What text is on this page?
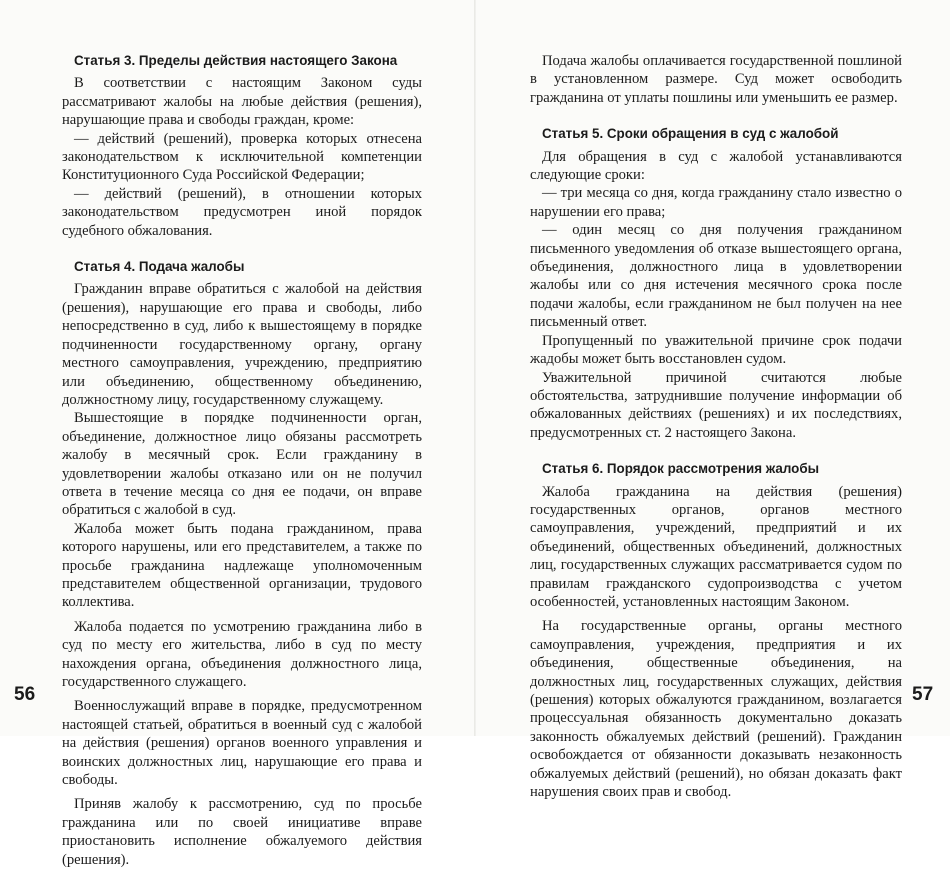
Статья 3. Пределы действия настоящего Закона

В соответствии с настоящим Законом суды рассматривают жалобы на любые действия (решения), нарушающие права и свободы граждан, кроме:

— действий (решений), проверка которых отнесена законодательством к исключительной компетенции Конституционного Суда Российской Федерации;

— действий (решений), в отношении которых законодательством предусмотрен иной порядок судебного обжалования.

Статья 4. Подача жалобы

Гражданин вправе обратиться с жалобой на действия (решения), нарушающие его права и свободы, либо непосредственно в суд, либо к вышестоящему в порядке подчиненности государственному органу, органу местного самоуправления, учреждению, предприятию или объединению, общественному объединению, должностному лицу, государственному служащему.

Вышестоящие в порядке подчиненности орган, объединение, должностное лицо обязаны рассмотреть жалобу в месячный срок. Если гражданину в удовлетворении жалобы отказано или он не получил ответа в течение месяца со дня ее подачи, он вправе обратиться с жалобой в суд.

Жалоба может быть подана гражданином, права которого нарушены, или его представителем, а также по просьбе гражданина надлежаще уполномоченным представителем общественной организации, трудового коллектива.

Жалоба подается по усмотрению гражданина либо в суд по месту его жительства, либо в суд по месту нахождения органа, объединения должностного лица, государственного служащего.

Военнослужащий вправе в порядке, предусмотренном настоящей статьей, обратиться в военный суд с жалобой на действия (решения) органов военного управления и воинских должностных лиц, нарушающие его права и свободы.

Приняв жалобу к рассмотрению, суд по просьбе гражданина или по своей инициативе вправе приостановить исполнение обжалуемого действия (решения).

Подача жалобы оплачивается государственной пошлиной в установленном размере. Суд может освободить гражданина от уплаты пошлины или уменьшить ее размер.

Статья 5. Сроки обращения в суд с жалобой

Для обращения в суд с жалобой устанавливаются следующие сроки:

— три месяца со дня, когда гражданину стало известно о нарушении его права;

— один месяц со дня получения гражданином письменного уведомления об отказе вышестоящего органа, объединения, должностного лица в удовлетворении жалобы или со дня истечения месячного срока после подачи жалобы, если гражданином не был получен на нее письменный ответ.

Пропущенный по уважительной причине срок подачи жадобы может быть восстановлен судом.

Уважительной причиной считаются любые обстоятельства, затруднившие получение информации об обжалованных действиях (решениях) и их последствиях, предусмотренных ст. 2 настоящего Закона.

Статья 6. Порядок рассмотрения жалобы

Жалоба гражданина на действия (решения) государственных органов, органов местного самоуправления, учреждений, предприятий и их объединений, общественных объединений, должностных лиц, государственных служащих рассматривается судом по правилам гражданского судопроизводства с учетом особенностей, установленных настоящим Законом.

На государственные органы, органы местного самоуправления, учреждения, предприятия и их объединения, общественные объединения, на должностных лиц, государственных служащих, действия (решения) которых обжалуются гражданином, возлагается процессуальная обязанность документально доказать законность обжалуемых действий (решений). Гражданин освобождается от обязанности доказывать незаконность обжалуемых действий (решений), но обязан доказать факт нарушения своих прав и свобод.

56	57
